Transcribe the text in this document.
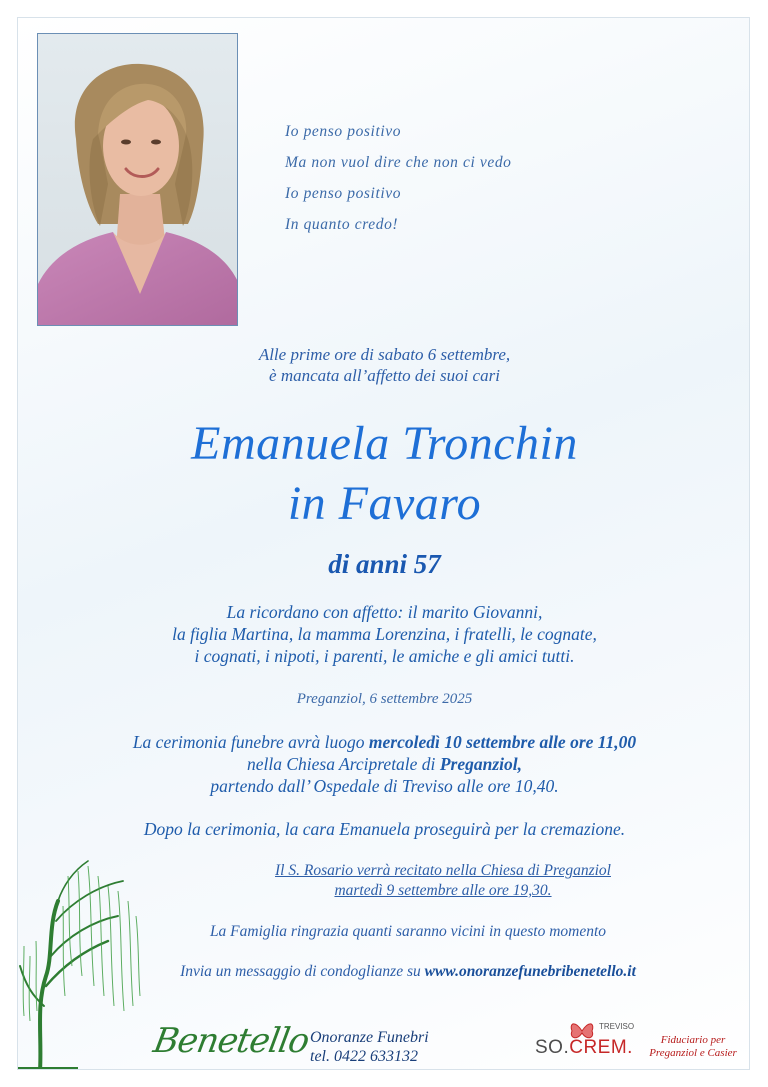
Io penso positivo
Ma non vuol dire che non ci vedo
Io penso positivo
In quanto credo!
Alle prime ore di sabato 6 settembre,
è mancata all’affetto dei suoi cari
Emanuela Tronchin
in Favaro
di anni 57
La ricordano con affetto: il marito Giovanni,
la figlia Martina, la mamma Lorenzina, i fratelli, le cognate,
i cognati, i nipoti, i parenti, le amiche e gli amici tutti.
Preganziol, 6 settembre 2025
La cerimonia funebre avrà luogo mercoledì 10 settembre alle ore 11,00
nella Chiesa Arcipretale di Preganziol,
partendo dall’ Ospedale di Treviso alle ore 10,40.
Dopo la cerimonia, la cara Emanuela proseguirà per la cremazione.
Il S. Rosario verrà recitato nella Chiesa di Preganziol
martedì 9 settembre alle ore 19,30.
La Famiglia ringrazia quanti saranno vicini in questo momento
Invia un messaggio di condoglianze su www.onoranzefunebribenetello.it
Benetello
Onoranze Funebri
tel. 0422 633132
TREVISO
SO.CREM.	Fiduciario per
Preganziol e Casier
